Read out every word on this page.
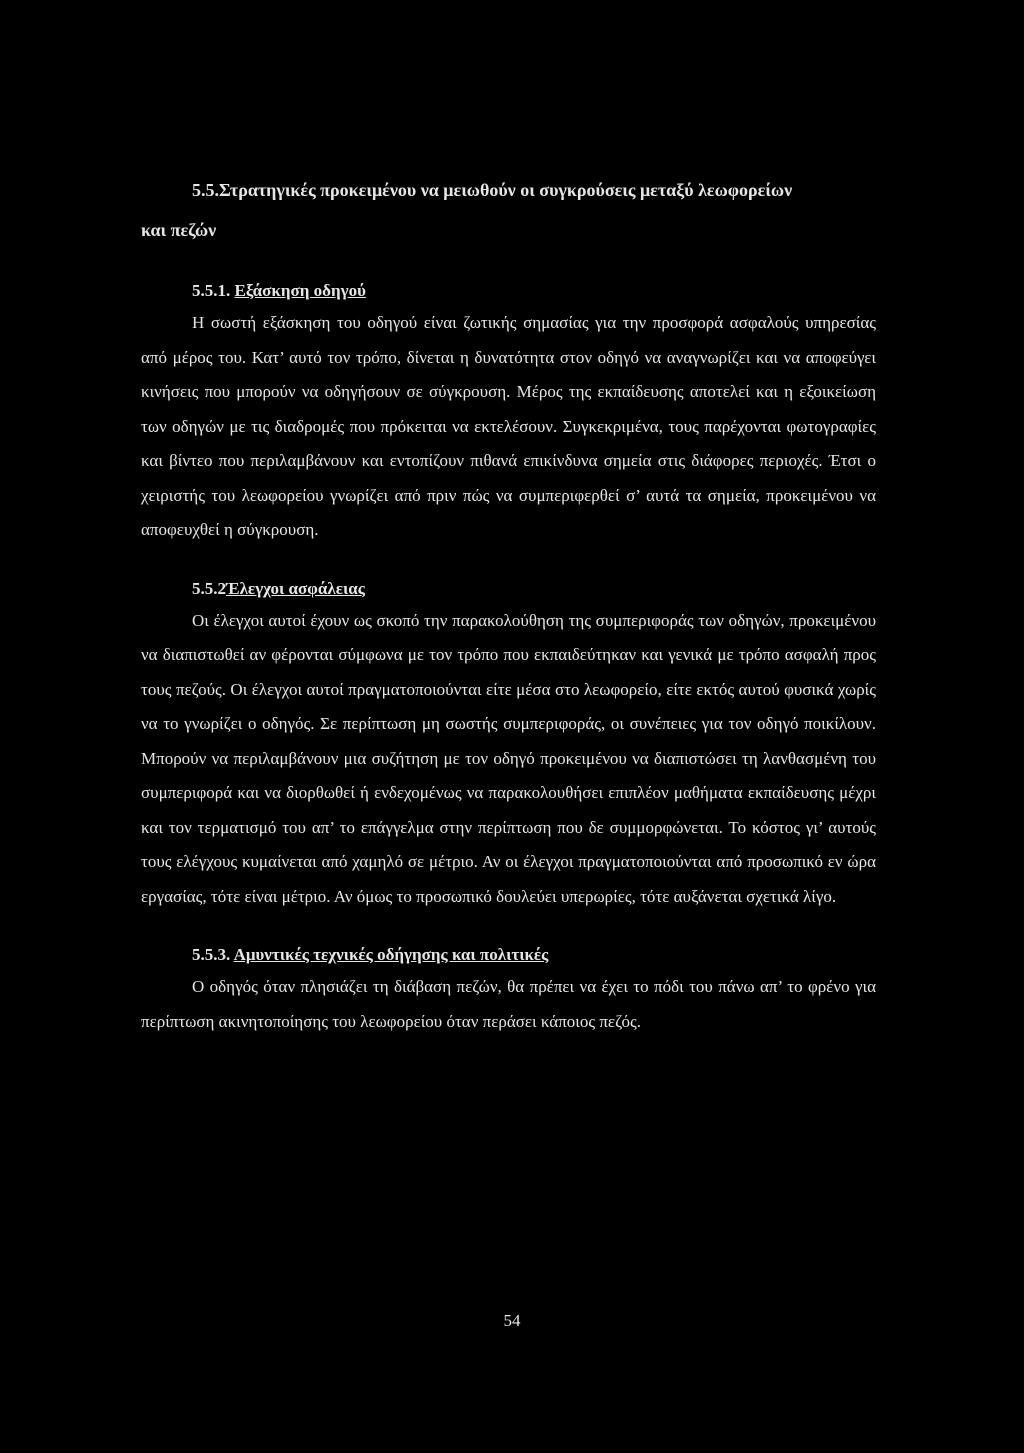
5.5.Στρατηγικές προκειμένου να μειωθούν οι συγκρούσεις μεταξύ λεωφορείων
και πεζών
5.5.1. Εξάσκηση οδηγού

Η σωστή εξάσκηση του οδηγού είναι ζωτικής σημασίας για την προσφορά ασφαλούς υπηρεσίας από μέρος του. Κατ’ αυτό τον τρόπο, δίνεται η δυνατότητα στον οδηγό να αναγνωρίζει και να αποφεύγει κινήσεις που μπορούν να οδηγήσουν σε σύγκρουση. Μέρος της εκπαίδευσης αποτελεί και η εξοικείωση των οδηγών με τις διαδρομές που πρόκειται να εκτελέσουν. Συγκεκριμένα, τους παρέχονται φωτογραφίες και βίντεο που περιλαμβάνουν και εντοπίζουν πιθανά επικίνδυνα σημεία στις διάφορες περιοχές. Έτσι ο χειριστής του λεωφορείου γνωρίζει από πριν πώς να συμπεριφερθεί σ’ αυτά τα σημεία, προκειμένου να αποφευχθεί η σύγκρουση.

5.5.2Έλεγχοι ασφάλειας

Οι έλεγχοι αυτοί έχουν ως σκοπό την παρακολούθηση της συμπεριφοράς των οδηγών, προκειμένου να διαπιστωθεί αν φέρονται σύμφωνα με τον τρόπο που εκπαιδεύτηκαν και γενικά με τρόπο ασφαλή προς τους πεζούς. Οι έλεγχοι αυτοί πραγματοποιούνται είτε μέσα στο λεωφορείο, είτε εκτός αυτού φυσικά χωρίς να το γνωρίζει ο οδηγός. Σε περίπτωση μη σωστής συμπεριφοράς, οι συνέπειες για τον οδηγό ποικίλουν. Μπορούν να περιλαμβάνουν μια συζήτηση με τον οδηγό προκειμένου να διαπιστώσει τη λανθασμένη του συμπεριφορά και να διορθωθεί ή ενδεχομένως να παρακολουθήσει επιπλέον μαθήματα εκπαίδευσης μέχρι και τον τερματισμό του απ’ το επάγγελμα στην περίπτωση που δε συμμορφώνεται. Το κόστος γι’ αυτούς τους ελέγχους κυμαίνεται από χαμηλό σε μέτριο. Αν οι έλεγχοι πραγματοποιούνται από προσωπικό εν ώρα εργασίας, τότε είναι μέτριο. Αν όμως το προσωπικό δουλεύει υπερωρίες, τότε αυξάνεται σχετικά λίγο.

5.5.3. Αμυντικές τεχνικές οδήγησης και πολιτικές

Ο οδηγός όταν πλησιάζει τη διάβαση πεζών, θα πρέπει να έχει το πόδι του πάνω απ’ το φρένο για περίπτωση ακινητοποίησης του λεωφορείου όταν περάσει κάποιος πεζός.

54
